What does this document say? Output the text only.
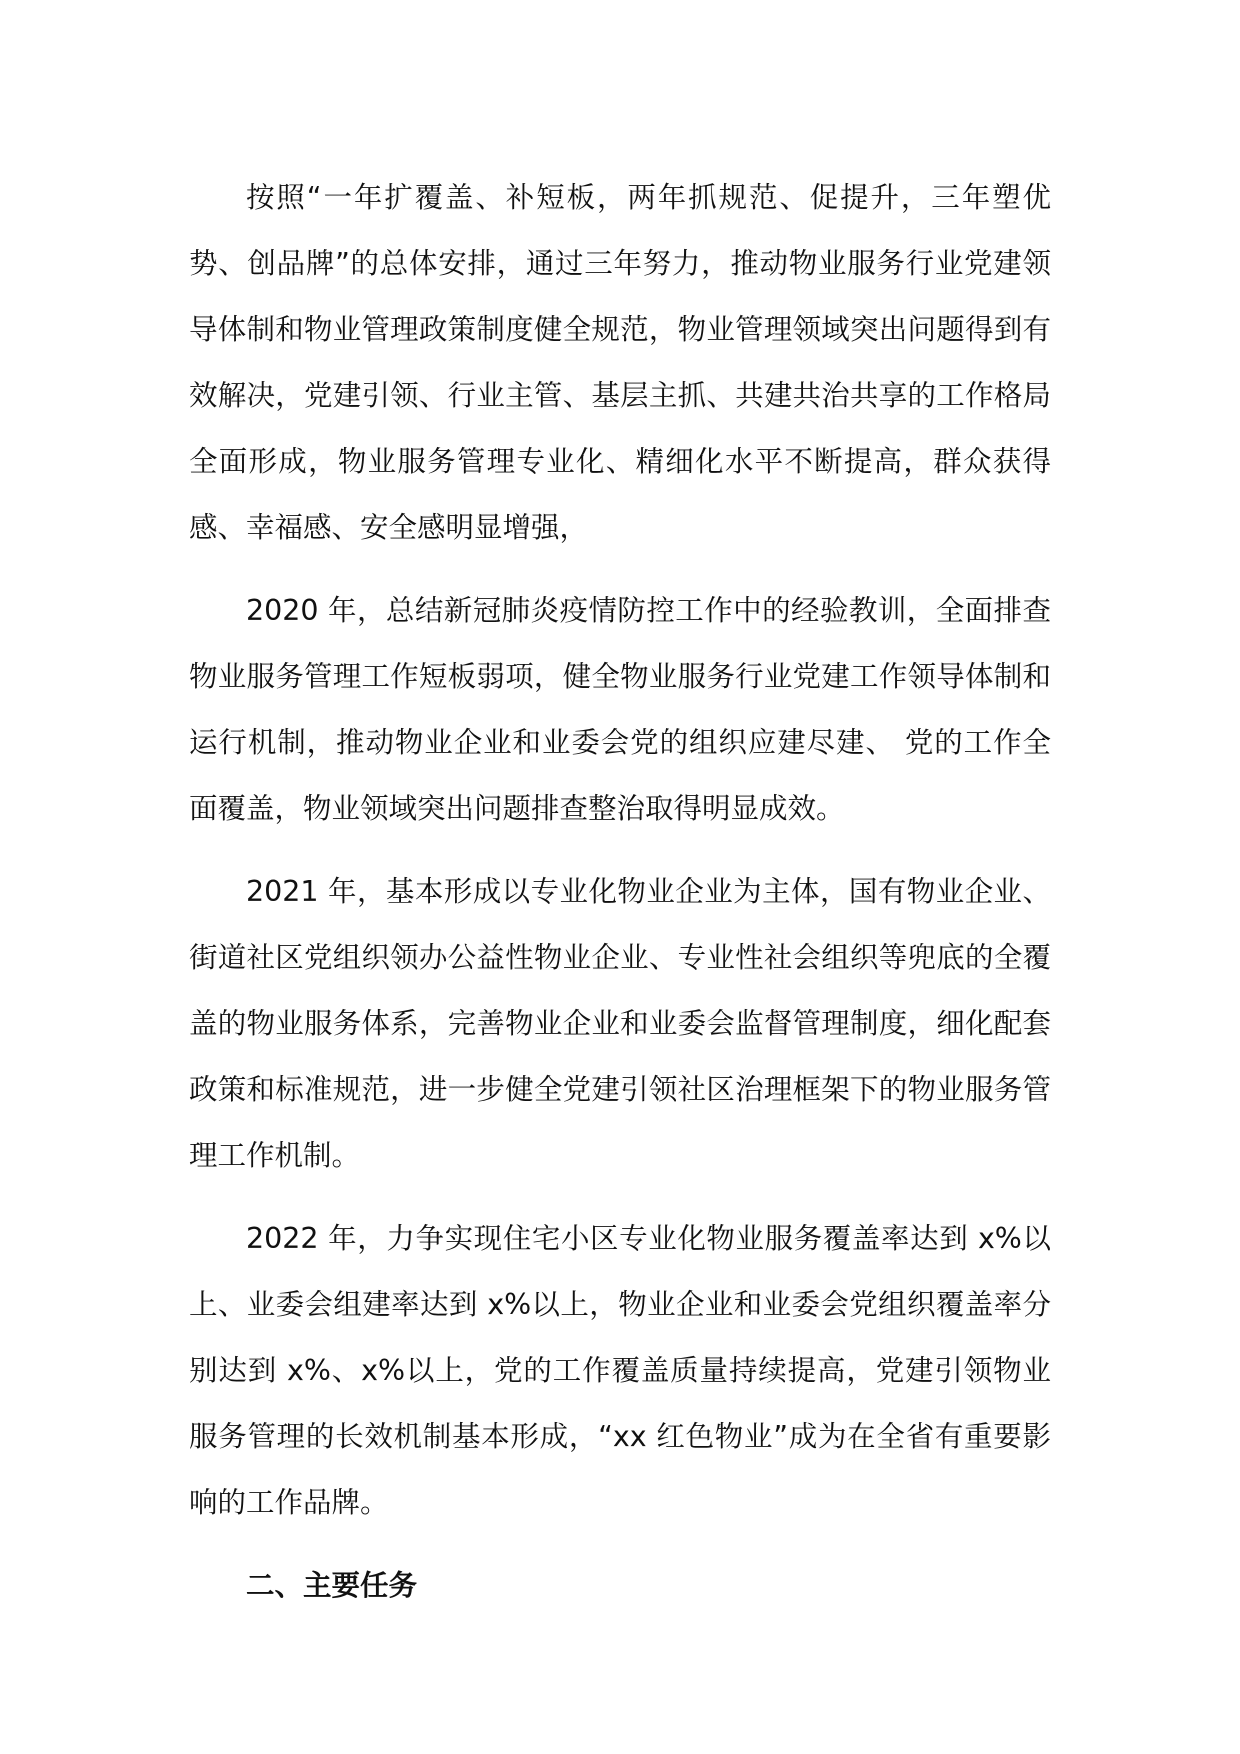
按照“一年扩覆盖、补短板，两年抓规范、促提升，三年塑优势、创品牌”的总体安排，通过三年努力，推动物业服务行业党建领导体制和物业管理政策制度健全规范，物业管理领域突出问题得到有效解决，党建引领、行业主管、基层主抓、共建共治共享的工作格局全面形成，物业服务管理专业化、精细化水平不断提高，群众获得感、幸福感、安全感明显增强，

2020 年，总结新冠肺炎疫情防控工作中的经验教训，全面排查物业服务管理工作短板弱项，健全物业服务行业党建工作领导体制和运行机制，推动物业企业和业委会党的组织应建尽建、 党的工作全面覆盖，物业领域突出问题排查整治取得明显成效。

2021 年，基本形成以专业化物业企业为主体，国有物业企业、街道社区党组织领办公益性物业企业、专业性社会组织等兜底的全覆盖的物业服务体系，完善物业企业和业委会监督管理制度，细化配套政策和标准规范，进一步健全党建引领社区治理框架下的物业服务管理工作机制。

2022 年，力争实现住宅小区专业化物业服务覆盖率达到 x%以上、业委会组建率达到 x%以上，物业企业和业委会党组织覆盖率分别达到 x%、x%以上，党的工作覆盖质量持续提高，党建引领物业服务管理的长效机制基本形成，“xx 红色物业”成为在全省有重要影响的工作品牌。

二、主要任务
